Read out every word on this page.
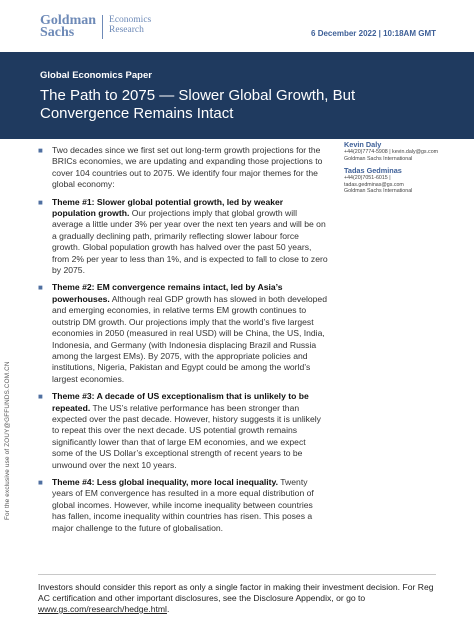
Goldman
Sachs
Economics
Research	6 December 2022 | 10:18AM GMT
Global Economics Paper
The Path to 2075 — Slower Global Growth, But Convergence Remains Intact
For the exclusive use of ZOUY@GFFUNDS.COM.CN
■	Two decades since we first set out long-term growth projections for the BRICs economies, we are updating and expanding those projections to cover 104 countries out to 2075. We identify four major themes for the global economy:
■	Theme #1: Slower global potential growth, led by weaker population growth. Our projections imply that global growth will average a little under 3% per year over the next ten years and will be on a gradually declining path, primarily reflecting slower labour force growth. Global population growth has halved over the past 50 years, from 2% per year to less than 1%, and is expected to fall to close to zero by 2075.
■	Theme #2: EM convergence remains intact, led by Asia’s powerhouses. Although real GDP growth has slowed in both developed and emerging economies, in relative terms EM growth continues to outstrip DM growth. Our projections imply that the world’s five largest economies in 2050 (measured in real USD) will be China, the US, India, Indonesia, and Germany (with Indonesia displacing Brazil and Russia among the largest EMs). By 2075, with the appropriate policies and institutions, Nigeria, Pakistan and Egypt could be among the world’s largest economies.
■	Theme #3: A decade of US exceptionalism that is unlikely to be repeated. The US’s relative performance has been stronger than expected over the past decade. However, history suggests it is unlikely to repeat this over the next decade. US potential growth remains significantly lower than that of large EM economies, and we expect some of the US Dollar’s exceptional strength of recent years to be unwound over the next 10 years.
■	Theme #4: Less global inequality, more local inequality. Twenty years of EM convergence has resulted in a more equal distribution of global incomes. However, while income inequality between countries has fallen, income inequality within countries has risen. This poses a major challenge to the future of globalisation.
Kevin Daly
+44(20)7774-5908 | kevin.daly@gs.com
Goldman Sachs International
Tadas Gedminas
+44(20)7051-6015 |
tadas.gedminas@gs.com
Goldman Sachs International
Investors should consider this report as only a single factor in making their investment decision. For Reg AC certification and other important disclosures, see the Disclosure Appendix, or go to www.gs.com/research/hedge.html.
